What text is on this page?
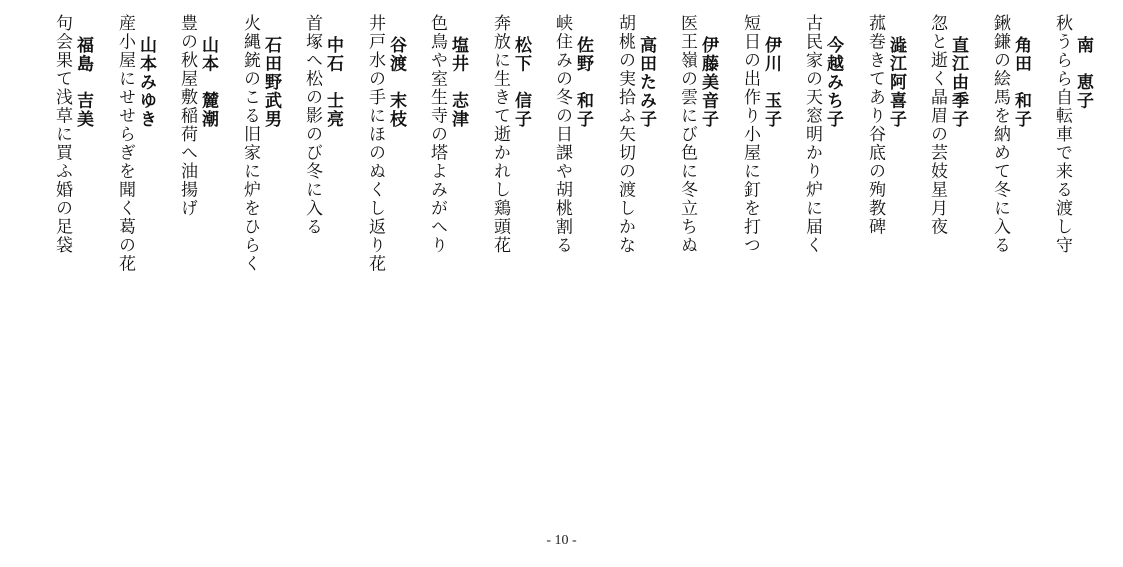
南　恵子
秋うらら自転車で来る渡し守
角田　和子
鍬鎌の絵馬を納めて冬に入る
直江由季子
忽と逝く晶眉の芸妓星月夜
澁江阿喜子
菰巻きてあり谷底の殉教碑
今越みち子
古民家の天窓明かり炉に届く
伊川　玉子
短日の出作り小屋に釘を打つ
伊藤美音子
医王嶺の雲にび色に冬立ちぬ
高田たみ子
胡桃の実拾ふ矢切の渡しかな
佐野　和子
峡住みの冬の日課や胡桃割る
松下　信子
奔放に生きて逝かれし鶏頭花
塩井　志津
色鳥や室生寺の塔よみがへり
谷渡　末枝
井戸水の手にほのぬくし返り花
中石　士亮
首塚へ松の影のび冬に入る
石田野武男
火縄銃のこる旧家に炉をひらく
山本　麓潮
豊の秋屋敷稲荷へ油揚げ
山本みゆき
産小屋にせせらぎを聞く葛の花
福島　吉美
句会果て浅草に買ふ婚の足袋
- 10 -
